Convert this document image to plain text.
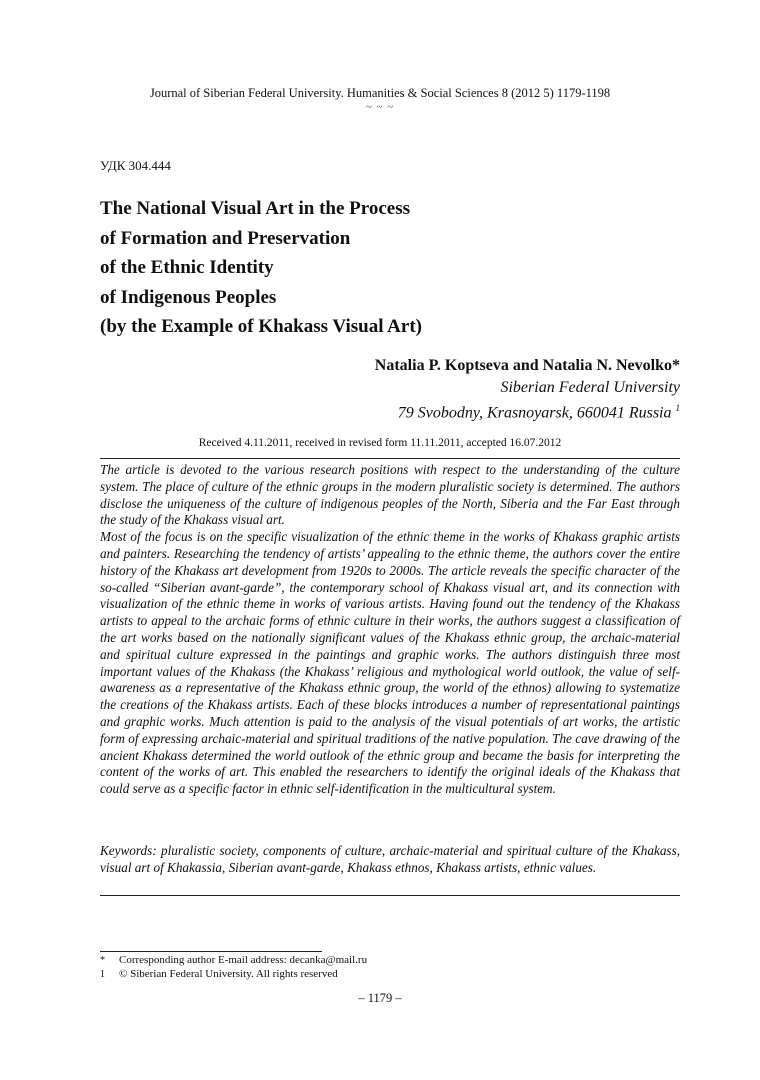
Journal of Siberian Federal University. Humanities & Social Sciences 8 (2012 5) 1179-1198
~ ~ ~
УДК 304.444
The National Visual Art in the Process
of Formation and Preservation
of the Ethnic Identity
of Indigenous Peoples
(by the Example of Khakass Visual Art)
Natalia P. Koptseva and Natalia N. Nevolko*
Siberian Federal University
79 Svobodny, Krasnoyarsk, 660041 Russia $^1$
Received 4.11.2011, received in revised form 11.11.2011, accepted 16.07.2012

The article is devoted to the various research positions with respect to the understanding of the culture system. The place of culture of the ethnic groups in the modern pluralistic society is determined. The authors disclose the uniqueness of the culture of indigenous peoples of the North, Siberia and the Far East through the study of the Khakass visual art.

Most of the focus is on the specific visualization of the ethnic theme in the works of Khakass graphic artists and painters. Researching the tendency of artists’ appealing to the ethnic theme, the authors cover the entire history of the Khakass art development from 1920s to 2000s. The article reveals the specific character of the so-called “Siberian avant-garde”, the contemporary school of Khakass visual art, and its connection with visualization of the ethnic theme in works of various artists. Having found out the tendency of the Khakass artists to appeal to the archaic forms of ethnic culture in their works, the authors suggest a classification of the art works based on the nationally significant values of the Khakass ethnic group, the archaic-material and spiritual culture expressed in the paintings and graphic works. The authors distinguish three most important values of the Khakass (the Khakass’ religious and mythological world outlook, the value of self-awareness as a representative of the Khakass ethnic group, the world of the ethnos) allowing to systematize the creations of the Khakass artists. Each of these blocks introduces a number of representational paintings and graphic works. Much attention is paid to the analysis of the visual potentials of art works, the artistic form of expressing archaic-material and spiritual traditions of the native population. The cave drawing of the ancient Khakass determined the world outlook of the ethnic group and became the basis for interpreting the content of the works of art. This enabled the researchers to identify the original ideals of the Khakass that could serve as a specific factor in ethnic self-identification in the multicultural system.

Keywords: pluralistic society, components of culture, archaic-material and spiritual culture of the Khakass, visual art of Khakassia, Siberian avant-garde, Khakass ethnos, Khakass artists, ethnic values.
* Corresponding author E-mail address: decanka@mail.ru
1 © Siberian Federal University. All rights reserved
– 1179 –
